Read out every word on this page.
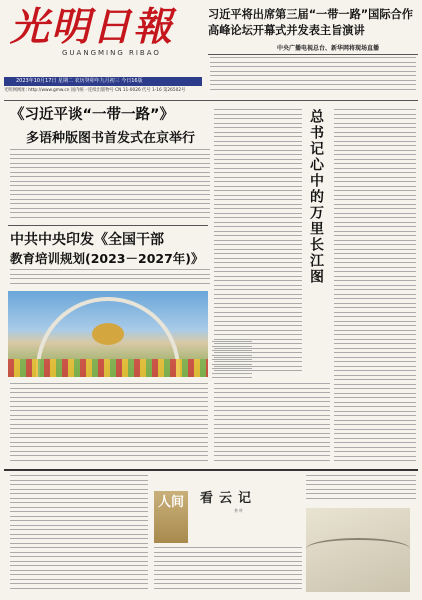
光明日報
GUANGMING RIBAO
2023年10月17日 星期二 农历癸卯年九月初三 今日16版
光明网网址: http://www.gmw.cn 国内统一连续出版物号 CN 11-0026 代号 1-16 第26502号
习近平将出席第三届“一带一路”国际合作高峰论坛开幕式并发表主旨演讲
中央广播电视总台、新华网将现场直播
《习近平谈“一带一路”》
多语种版图书首发式在京举行
中共中央印发《全国干部
教育培训规划(2023－2027年)》	总书记心中的万里长江图
人间	看云记
茶 叶
